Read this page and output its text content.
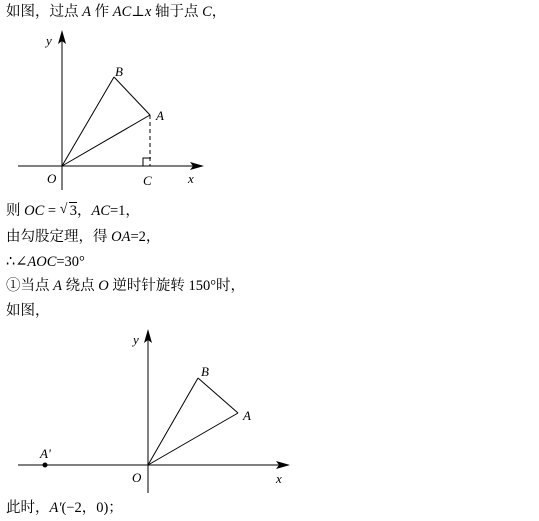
如图，过点 A 作 AC⊥x 轴于点 C，
y
x
O	C
A
B
y
x
O
A
B
A'
则 OC = √ 3，AC=1，
由勾股定理，得 OA=2，
∴∠AOC=30°
①当点 A 绕点 O 逆时针旋转 150°时，
如图，
此时，A'(−2，0)；
